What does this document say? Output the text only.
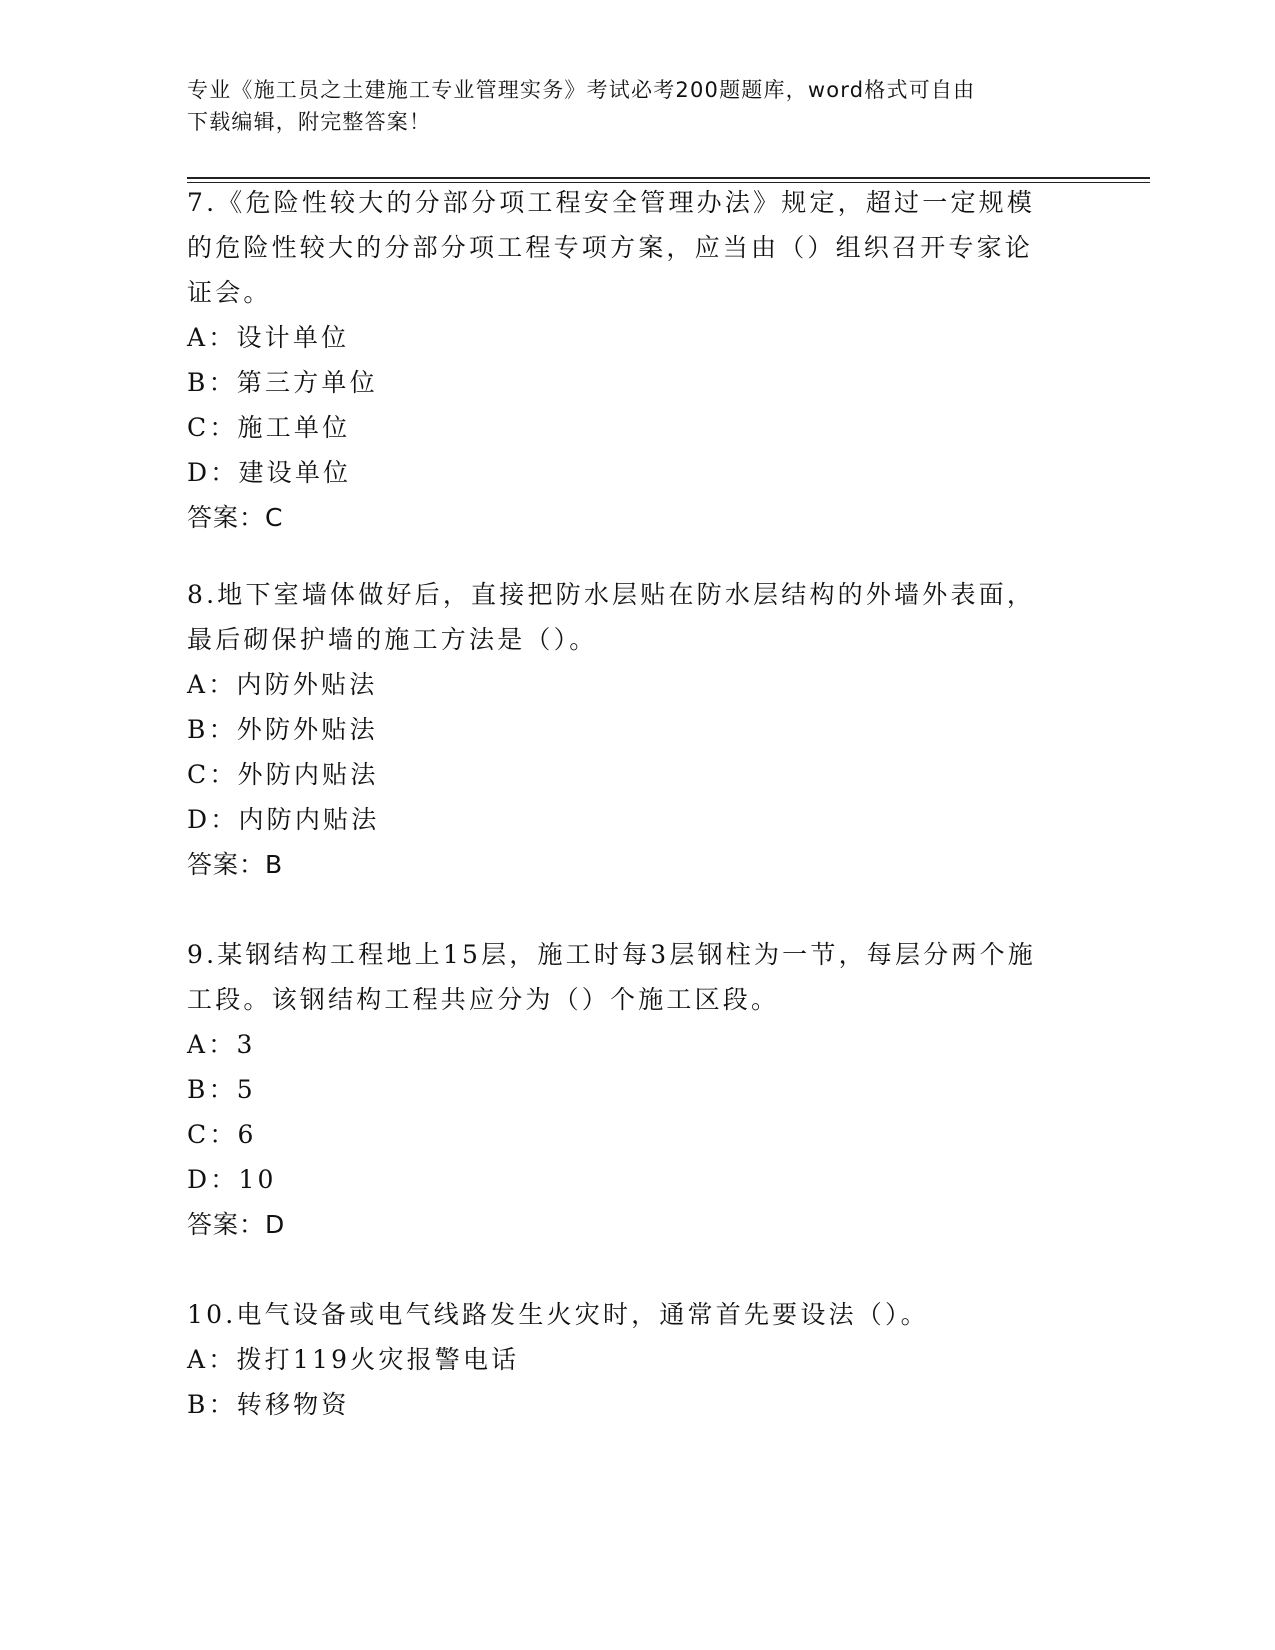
专业《施工员之土建施工专业管理实务》考试必考200题题库，word格式可自由
下载编辑，附完整答案！

7.《危险性较大的分部分项工程安全管理办法》规定，超过一定规模

的危险性较大的分部分项工程专项方案，应当由（）组织召开专家论

证会。

A：设计单位

B：第三方单位

C：施工单位

D：建设单位

答案：C

8.地下室墙体做好后，直接把防水层贴在防水层结构的外墙外表面，

最后砌保护墙的施工方法是（）。

A：内防外贴法

B：外防外贴法

C：外防内贴法

D：内防内贴法

答案：B

9.某钢结构工程地上15层，施工时每3层钢柱为一节，每层分两个施

工段。该钢结构工程共应分为（）个施工区段。

A：3

B：5

C：6

D：10

答案：D

10.电气设备或电气线路发生火灾时，通常首先要设法（）。

A：拨打119火灾报警电话

B：转移物资
